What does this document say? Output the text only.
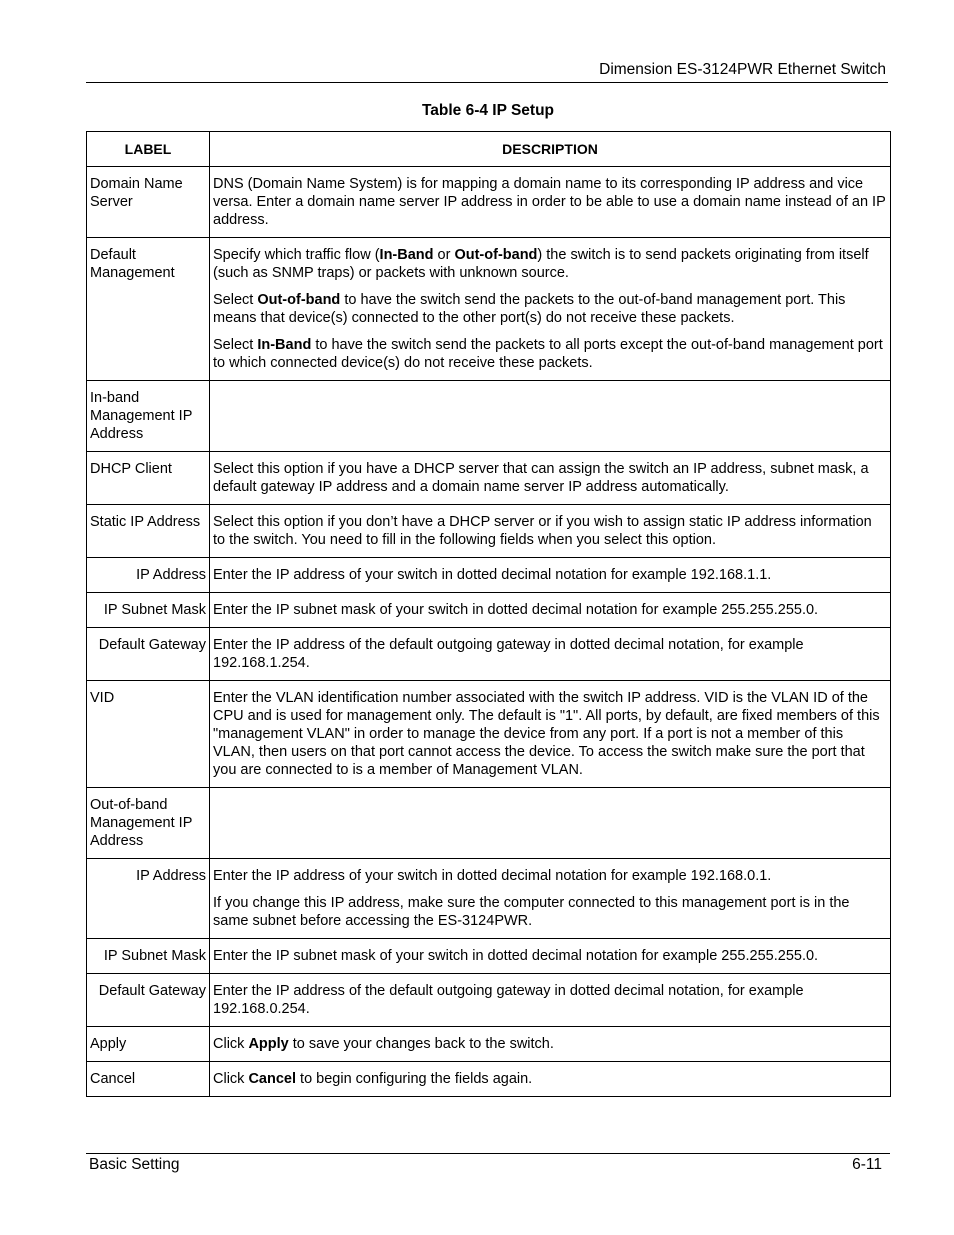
Dimension ES-3124PWR Ethernet Switch
Table 6-4 IP Setup
LABEL	DESCRIPTION
Domain Name Server	DNS (Domain Name System) is for mapping a domain name to its corresponding IP address and vice versa. Enter a domain name server IP address in order to be able to use a domain name instead of an IP address.

Default Management	Specify which traffic flow (In-Band or Out-of-band) the switch is to send packets originating from itself (such as SNMP traps) or packets with unknown source.

Select Out-of-band to have the switch send the packets to the out-of-band management port. This means that device(s) connected to the other port(s) do not receive these packets.

Select In-Band to have the switch send the packets to all ports except the out-of-band management port to which connected device(s) do not receive these packets.

In-band Management IP Address	
DHCP Client	Select this option if you have a DHCP server that can assign the switch an IP address, subnet mask, a default gateway IP address and a domain name server IP address automatically.

Static IP Address	Select this option if you don’t have a DHCP server or if you wish to assign static IP address information to the switch. You need to fill in the following fields when you select this option.

IP Address	Enter the IP address of your switch in dotted decimal notation for example 192.168.1.1.

IP Subnet Mask	Enter the IP subnet mask of your switch in dotted decimal notation for example 255.255.255.0.

Default Gateway	Enter the IP address of the default outgoing gateway in dotted decimal notation, for example 192.168.1.254.

VID	Enter the VLAN identification number associated with the switch IP address. VID is the VLAN ID of the CPU and is used for management only. The default is "1". All ports, by default, are fixed members of this "management VLAN" in order to manage the device from any port. If a port is not a member of this VLAN, then users on that port cannot access the device. To access the switch make sure the port that you are connected to is a member of Management VLAN.

Out-of-band Management IP Address	
IP Address	Enter the IP address of your switch in dotted decimal notation for example 192.168.0.1.

If you change this IP address, make sure the computer connected to this management port is in the same subnet before accessing the ES-3124PWR.

IP Subnet Mask	Enter the IP subnet mask of your switch in dotted decimal notation for example 255.255.255.0.

Default Gateway	Enter the IP address of the default outgoing gateway in dotted decimal notation, for example 192.168.0.254.

Apply	Click Apply to save your changes back to the switch.

Cancel	Click Cancel to begin configuring the fields again.

Basic Setting	6-11
